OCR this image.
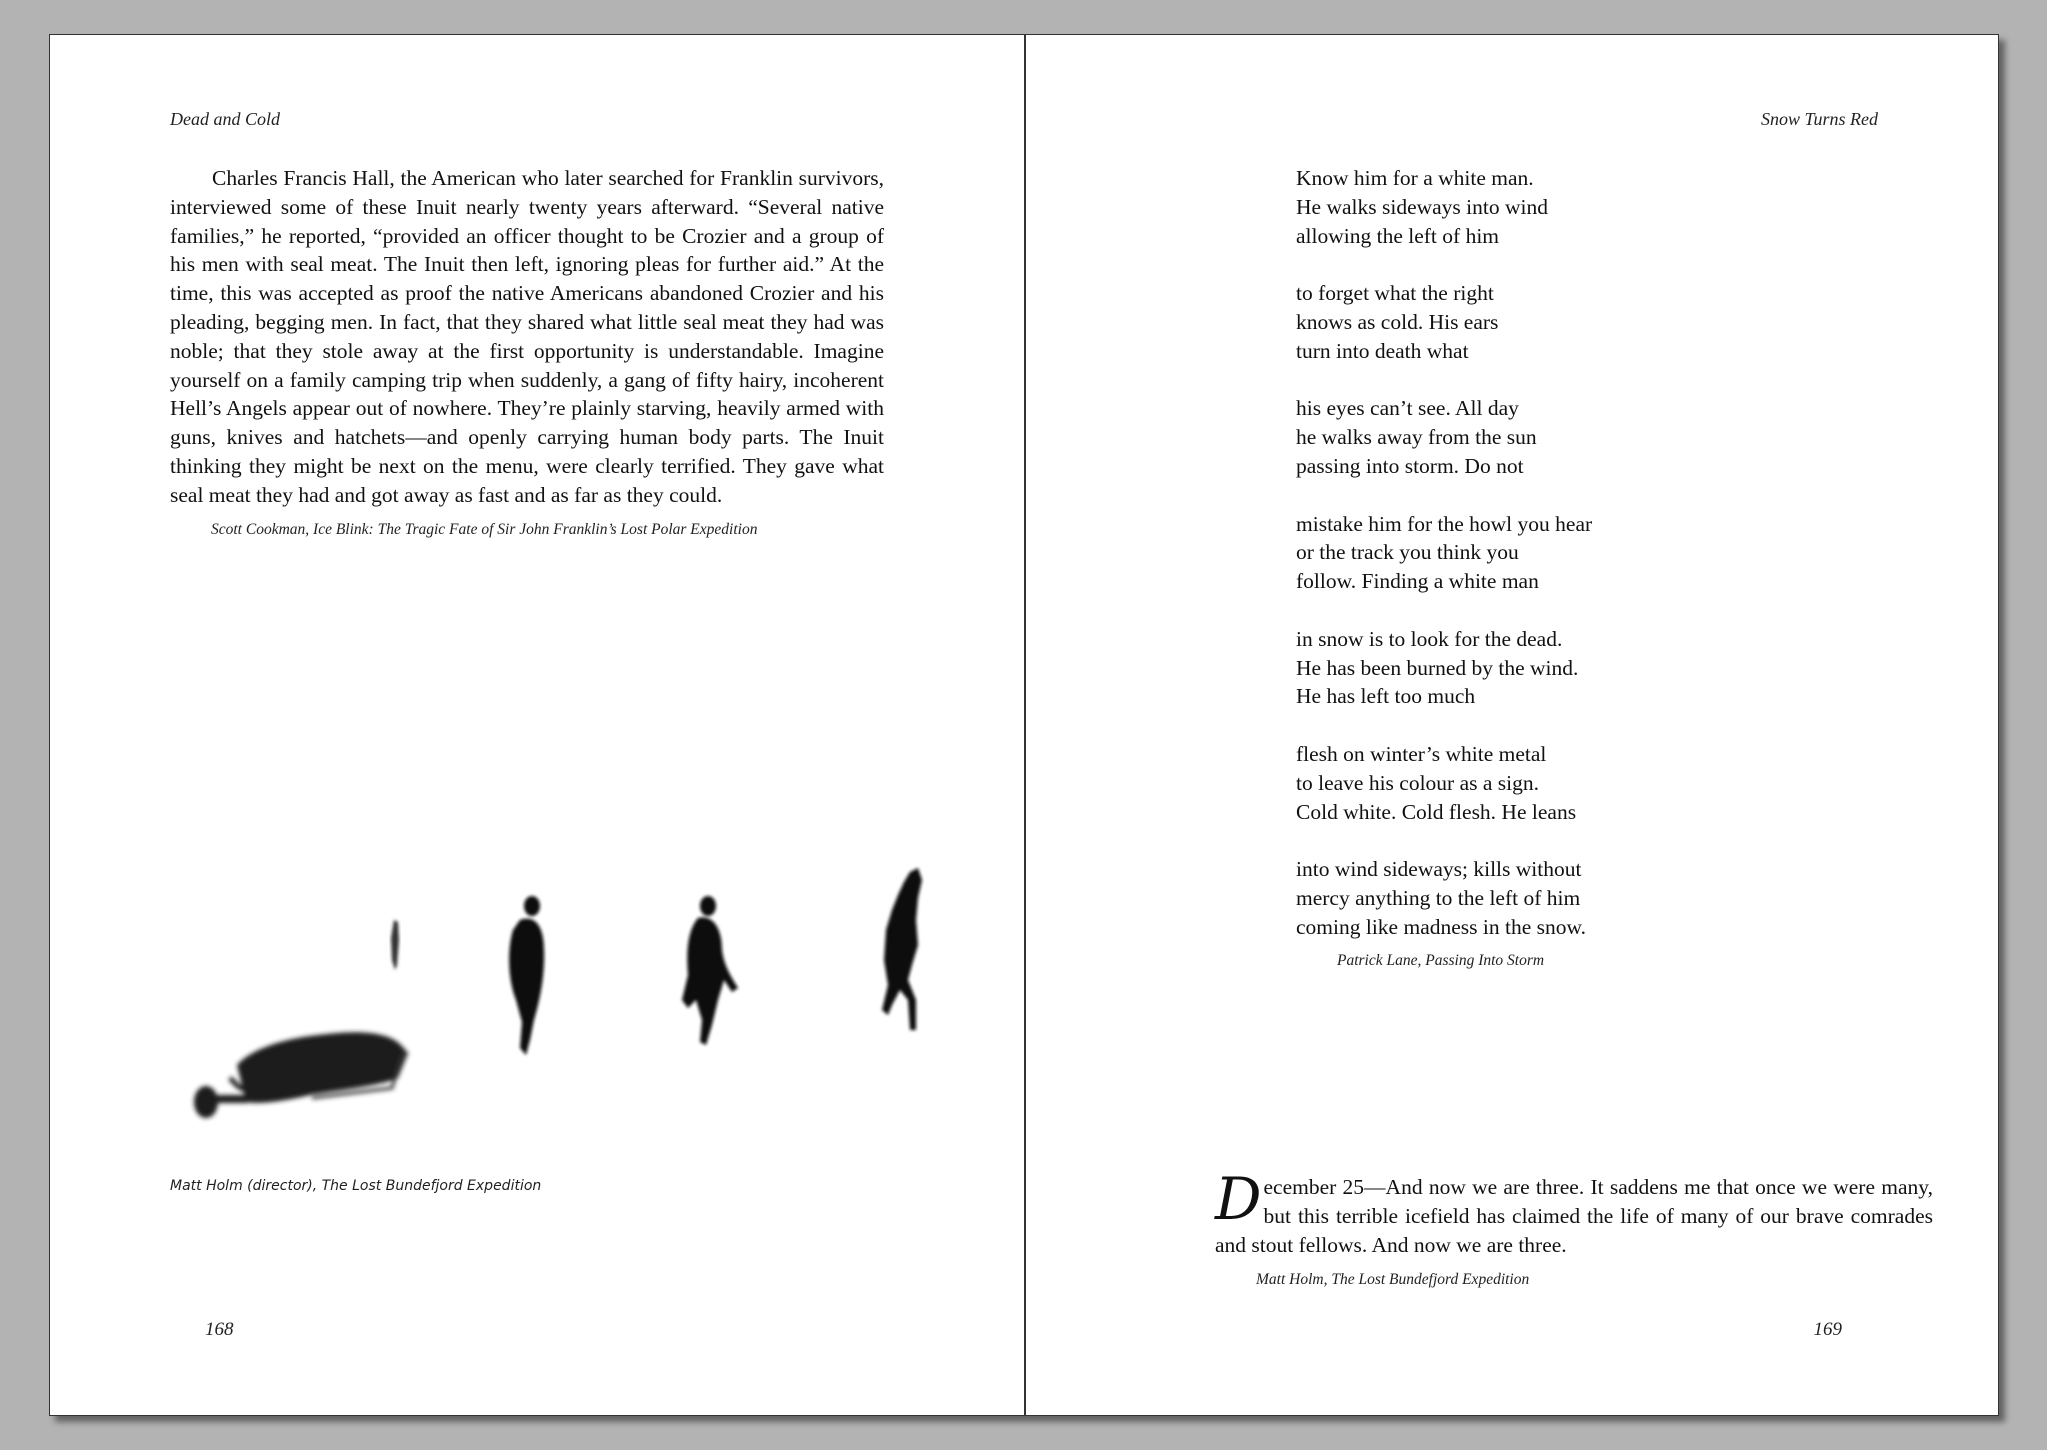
Dead and Cold

Charles Francis Hall, the American who later searched for Franklin survivors, interviewed some of these Inuit nearly twenty years afterward. “Several native families,” he reported, “provided an officer thought to be Crozier and a group of his men with seal meat. The Inuit then left, ignoring pleas for further aid.” At the time, this was accepted as proof the native Americans abandoned Crozier and his pleading, begging men. In fact, that they shared what little seal meat they had was noble; that they stole away at the first opportunity is understandable. Imagine yourself on a family camping trip when suddenly, a gang of fifty hairy, incoherent Hell’s Angels appear out of nowhere. They’re plainly starving, heavily armed with guns, knives and hatchets—and openly carrying human body parts. The Inuit thinking they might be next on the menu, were clearly terrified. They gave what seal meat they had and got away as fast and as far as they could.

Scott Cookman, Ice Blink: The Tragic Fate of Sir John Franklin’s Lost Polar Expedition
Matt Holm (director), The Lost Bundefjord Expedition
168
Snow Turns Red
Know him for a white man.
He walks sideways into wind
allowing the left of him
to forget what the right
knows as cold. His ears
turn into death what
his eyes can’t see. All day
he walks away from the sun
passing into storm. Do not
mistake him for the howl you hear
or the track you think you
follow. Finding a white man
in snow is to look for the dead.
He has been burned by the wind.
He has left too much
flesh on winter’s white metal
to leave his colour as a sign.
Cold white. Cold flesh. He leans
into wind sideways; kills without
mercy anything to the left of him
coming like madness in the snow.
Patrick Lane, Passing Into Storm

December 25—And now we are three. It saddens me that once we were many, but this terrible icefield has claimed the life of many of our brave comrades and stout fellows. And now we are three.

Matt Holm, The Lost Bundefjord Expedition
169
